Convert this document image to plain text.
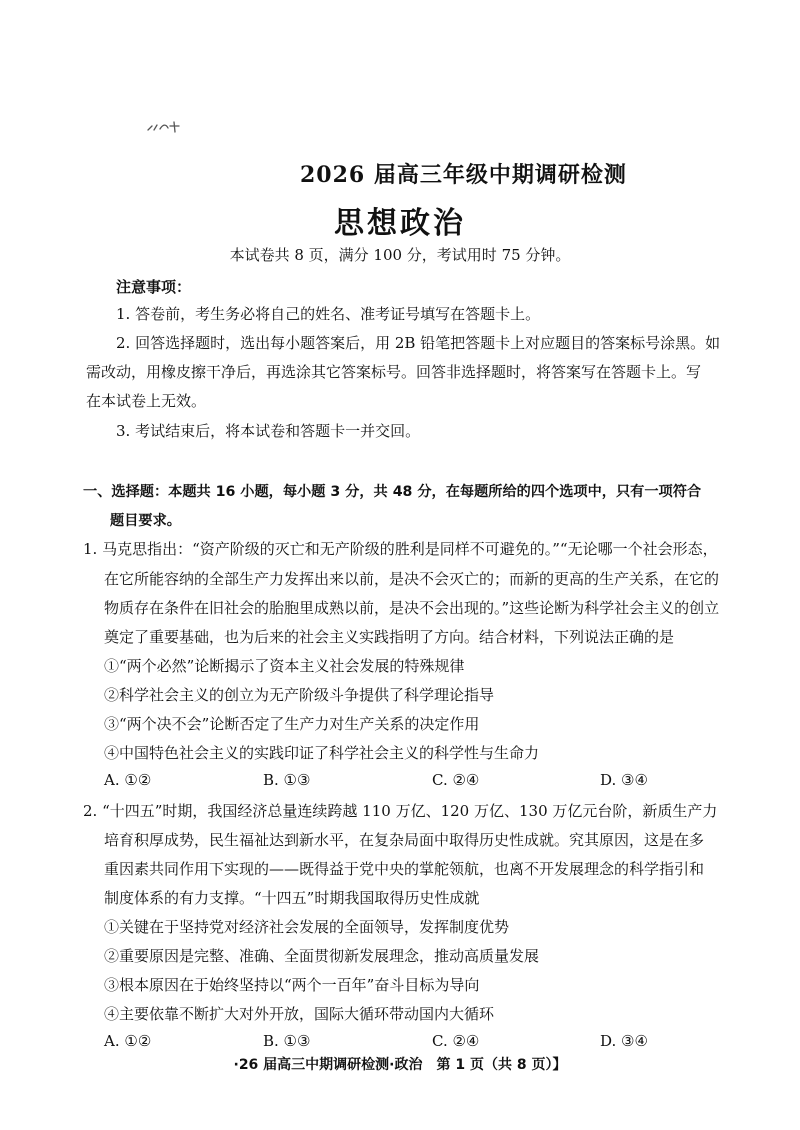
2026 届高三年级中期调研检测
思想政治
本试卷共 8 页，满分 100 分，考试用时 75 分钟。
注意事项：
1. 答卷前，考生务必将自己的姓名、准考证号填写在答题卡上。
2. 回答选择题时，选出每小题答案后，用 2B 铅笔把答题卡上对应题目的答案标号涂黑。如
需改动，用橡皮擦干净后，再选涂其它答案标号。回答非选择题时，将答案写在答题卡上。写
在本试卷上无效。
3. 考试结束后，将本试卷和答题卡一并交回。
一、选择题：本题共 16 小题，每小题 3 分，共 48 分，在每题所给的四个选项中，只有一项符合
题目要求。
1. 马克思指出：“资产阶级的灭亡和无产阶级的胜利是同样不可避免的。”“无论哪一个社会形态，
在它所能容纳的全部生产力发挥出来以前，是决不会灭亡的；而新的更高的生产关系，在它的
物质存在条件在旧社会的胎胞里成熟以前，是决不会出现的。”这些论断为科学社会主义的创立
奠定了重要基础，也为后来的社会主义实践指明了方向。结合材料，下列说法正确的是
①“两个必然”论断揭示了资本主义社会发展的特殊规律
②科学社会主义的创立为无产阶级斗争提供了科学理论指导
③“两个决不会”论断否定了生产力对生产关系的决定作用
④中国特色社会主义的实践印证了科学社会主义的科学性与生命力
A. ①②	B. ①③	C. ②④	D. ③④
2. “十四五”时期，我国经济总量连续跨越 110 万亿、120 万亿、130 万亿元台阶，新质生产力
培育积厚成势，民生福祉达到新水平，在复杂局面中取得历史性成就。究其原因，这是在多
重因素共同作用下实现的——既得益于党中央的掌舵领航，也离不开发展理念的科学指引和
制度体系的有力支撑。“十四五”时期我国取得历史性成就
①关键在于坚持党对经济社会发展的全面领导，发挥制度优势
②重要原因是完整、准确、全面贯彻新发展理念，推动高质量发展
③根本原因在于始终坚持以“两个一百年”奋斗目标为导向
④主要依靠不断扩大对外开放，国际大循环带动国内大循环
A. ①②	B. ①③	C. ②④	D. ③④
·26 届高三中期调研检测·政治　第 1 页（共 8 页）】
